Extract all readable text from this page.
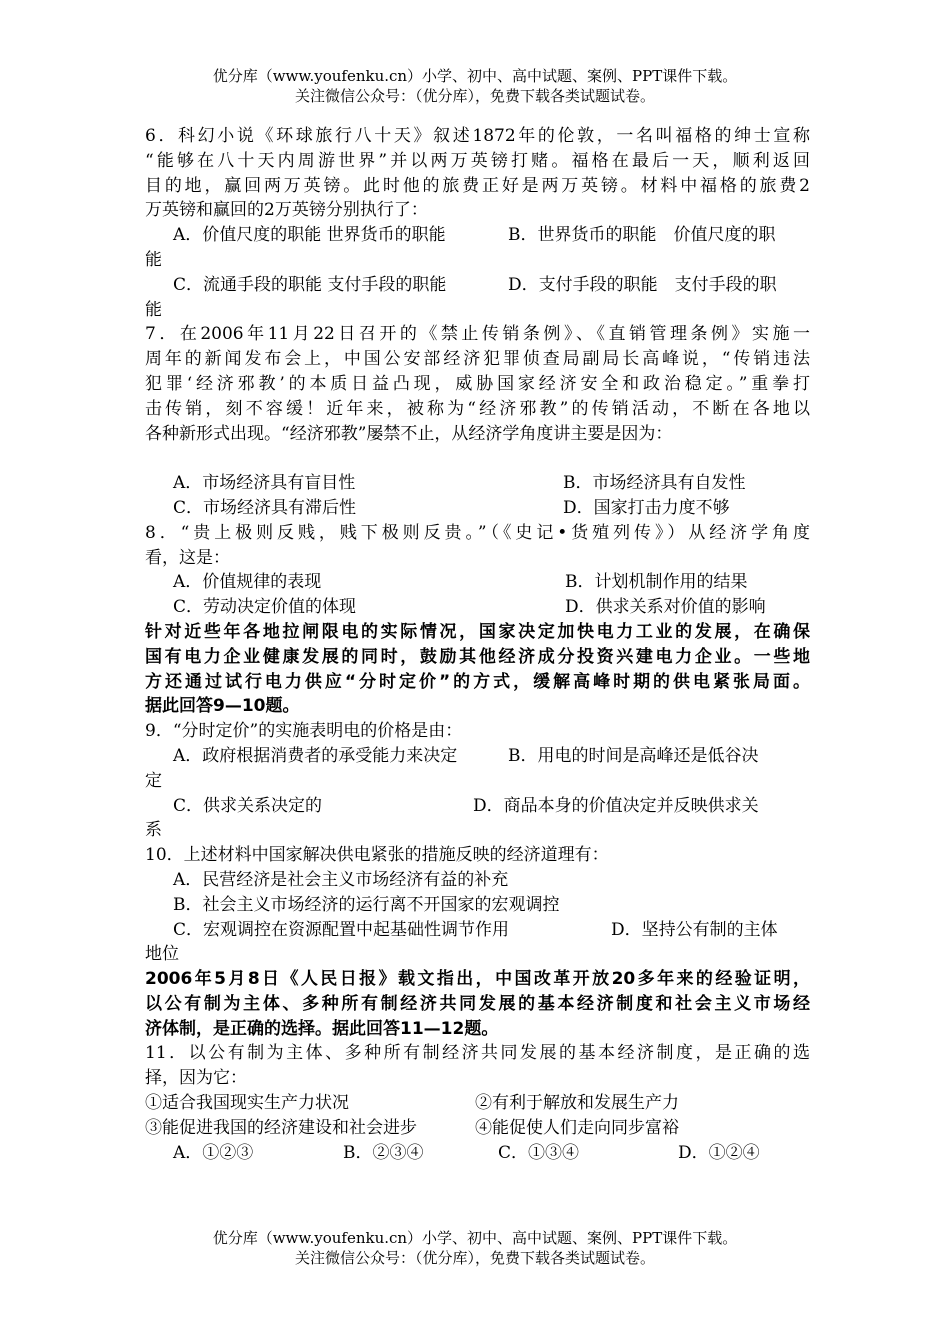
优分库（www.youfenku.cn）小学、初中、高中试题、案例、PPT课件下载。
关注微信公众号：（优分库），免费下载各类试题试卷。
6．科幻小说《环球旅行八十天》叙述1872年的伦敦，一名叫福格的绅士宣称
“能够在八十天内周游世界”并以两万英镑打赌。福格在最后一天，顺利返回
目的地，赢回两万英镑。此时他的旅费正好是两万英镑。材料中福格的旅费2
万英镑和赢回的2万英镑分别执行了：
A．价值尺度的职能 世界货币的职能	B．世界货币的职能　价值尺度的职
能
C．流通手段的职能 支付手段的职能	D．支付手段的职能　支付手段的职
能
7．在2006年11月22日召开的《禁止传销条例》、《直销管理条例》实施一
周年的新闻发布会上，中国公安部经济犯罪侦查局副局长高峰说，“传销违法
犯罪‘经济邪教’的本质日益凸现，威胁国家经济安全和政治稳定。”重拳打
击传销，刻不容缓！近年来，被称为“经济邪教”的传销活动，不断在各地以
各种新形式出现。“经济邪教”屡禁不止，从经济学角度讲主要是因为：
A．市场经济具有盲目性	B．市场经济具有自发性
C．市场经济具有滞后性	D．国家打击力度不够
8．“贵上极则反贱，贱下极则反贵。”（《史记•货殖列传》）从经济学角度
看，这是：
A．价值规律的表现	B．计划机制作用的结果
C．劳动决定价值的体现	D．供求关系对价值的影响
针对近些年各地拉闸限电的实际情况，国家决定加快电力工业的发展，在确保
国有电力企业健康发展的同时，鼓励其他经济成分投资兴建电力企业。一些地
方还通过试行电力供应“分时定价”的方式，缓解高峰时期的供电紧张局面。
据此回答9—10题。
9．“分时定价”的实施表明电的价格是由：
A．政府根据消费者的承受能力来决定	B．用电的时间是高峰还是低谷决
定
C．供求关系决定的	D．商品本身的价值决定并反映供求关
系
10．上述材料中国家解决供电紧张的措施反映的经济道理有：
A．民营经济是社会主义市场经济有益的补充
B．社会主义市场经济的运行离不开国家的宏观调控
C．宏观调控在资源配置中起基础性调节作用	D．坚持公有制的主体
地位
2006年5月8日《人民日报》载文指出，中国改革开放20多年来的经验证明，
以公有制为主体、多种所有制经济共同发展的基本经济制度和社会主义市场经
济体制，是正确的选择。据此回答11—12题。
11．以公有制为主体、多种所有制经济共同发展的基本经济制度，是正确的选
择，因为它：
①适合我国现实生产力状况	②有利于解放和发展生产力
③能促进我国的经济建设和社会进步	④能促使人们走向同步富裕
A．①②③	B．②③④	C．①③④	D．①②④
优分库（www.youfenku.cn）小学、初中、高中试题、案例、PPT课件下载。
关注微信公众号：（优分库），免费下载各类试题试卷。
